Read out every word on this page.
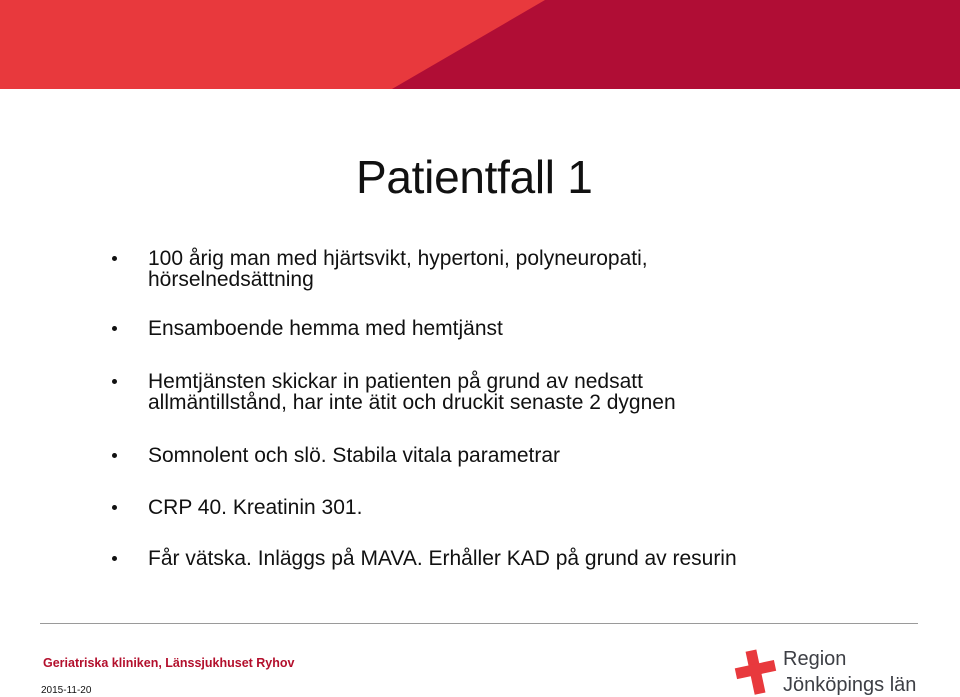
Patientfall 1
100 årig man med hjärtsvikt, hypertoni, polyneuropati,
hörselnedsättning
Ensamboende hemma med hemtjänst
Hemtjänsten skickar in patienten på grund av nedsatt
allmäntillstånd, har inte ätit och druckit senaste 2 dygnen
Somnolent och slö. Stabila vitala parametrar
CRP 40. Kreatinin 301.
Får vätska. Inläggs på MAVA. Erhåller KAD på grund av resurin
Geriatriska kliniken, Länssjukhuset Ryhov
2015-11-20
Region
Jönköpings län
